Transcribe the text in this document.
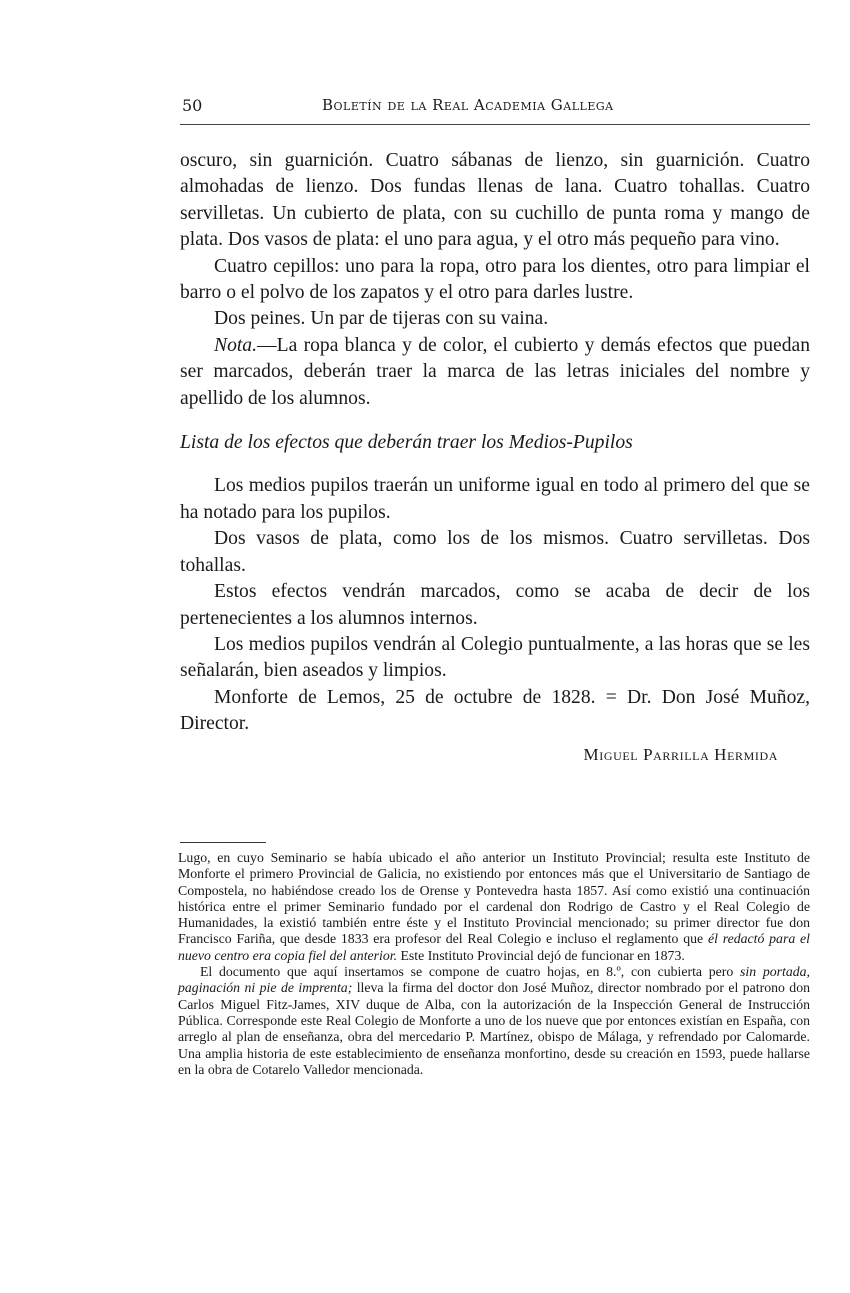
50	Boletín de la Real Academia Gallega

oscuro, sin guarnición. Cuatro sábanas de lienzo, sin guarnición. Cuatro almohadas de lienzo. Dos fundas llenas de lana. Cuatro tohallas. Cuatro servilletas. Un cubierto de plata, con su cuchillo de punta roma y mango de plata. Dos vasos de plata: el uno para agua, y el otro más pequeño para vino.

Cuatro cepillos: uno para la ropa, otro para los dientes, otro para limpiar el barro o el polvo de los zapatos y el otro para darles lustre.

Dos peines. Un par de tijeras con su vaina.

Nota.—La ropa blanca y de color, el cubierto y demás efectos que puedan ser marcados, deberán traer la marca de las letras iniciales del nombre y apellido de los alumnos.

Lista de los efectos que deberán traer los Medios-Pupilos

Los medios pupilos traerán un uniforme igual en todo al primero del que se ha notado para los pupilos.

Dos vasos de plata, como los de los mismos. Cuatro servilletas. Dos tohallas.

Estos efectos vendrán marcados, como se acaba de decir de los pertenecientes a los alumnos internos.

Los medios pupilos vendrán al Colegio puntualmente, a las horas que se les señalarán, bien aseados y limpios.

Monforte de Lemos, 25 de octubre de 1828. = Dr. Don José Muñoz, Director.

Miguel Parrilla Hermida

Lugo, en cuyo Seminario se había ubicado el año anterior un Instituto Provincial; resulta este Instituto de Monforte el primero Provincial de Galicia, no existiendo por entonces más que el Universitario de Santiago de Compostela, no habiéndose creado los de Orense y Pontevedra hasta 1857. Así como existió una continuación histórica entre el primer Seminario fundado por el cardenal don Rodrigo de Castro y el Real Colegio de Humanidades, la existió también entre éste y el Instituto Provincial mencionado; su primer director fue don Francisco Fariña, que desde 1833 era profesor del Real Colegio e incluso el reglamento que él redactó para el nuevo centro era copia fiel del anterior. Este Instituto Provincial dejó de funcionar en 1873.

El documento que aquí insertamos se compone de cuatro hojas, en 8.º, con cubierta pero sin portada, paginación ni pie de imprenta; lleva la firma del doctor don José Muñoz, director nombrado por el patrono don Carlos Miguel Fitz-James, XIV duque de Alba, con la autorización de la Inspección General de Instrucción Pública. Corresponde este Real Colegio de Monforte a uno de los nueve que por entonces existían en España, con arreglo al plan de enseñanza, obra del mercedario P. Martínez, obispo de Málaga, y refrendado por Calomarde. Una amplia historia de este establecimiento de enseñanza monfortino, desde su creación en 1593, puede hallarse en la obra de Cotarelo Valledor mencionada.
